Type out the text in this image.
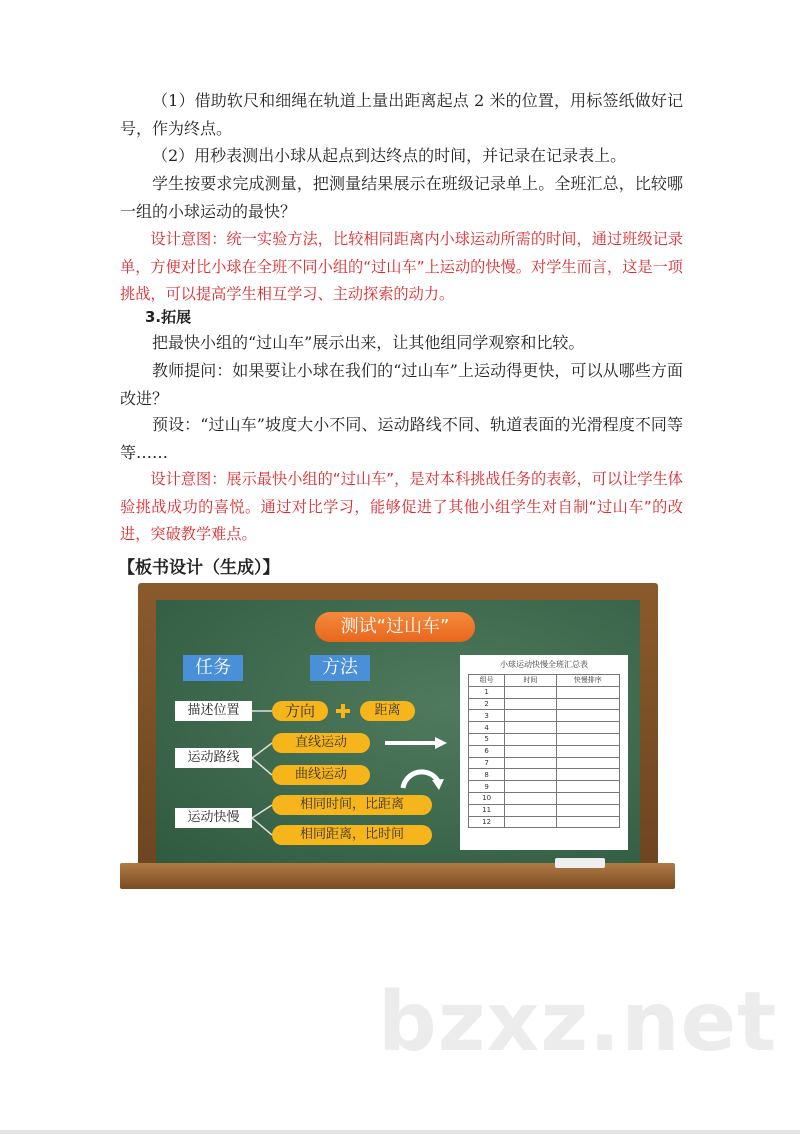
（1）借助软尺和细绳在轨道上量出距离起点 2 米的位置，用标签纸做好记号，作为终点。
（2）用秒表测出小球从起点到达终点的时间，并记录在记录表上。
学生按要求完成测量，把测量结果展示在班级记录单上。全班汇总，比较哪一组的小球运动的最快？
设计意图：统一实验方法，比较相同距离内小球运动所需的时间，通过班级记录单，方便对比小球在全班不同小组的“过山车”上运动的快慢。对学生而言，这是一项挑战，可以提高学生相互学习、主动探索的动力。
3.拓展
把最快小组的“过山车”展示出来，让其他组同学观察和比较。
教师提问：如果要让小球在我们的“过山车”上运动得更快，可以从哪些方面改进？
预设：“过山车”坡度大小不同、运动路线不同、轨道表面的光滑程度不同等等……
设计意图：展示最快小组的“过山车”，是对本科挑战任务的表彰，可以让学生体验挑战成功的喜悦。通过对比学习，能够促进了其他小组学生对自制“过山车”的改进，突破教学难点。
【板书设计（生成）】
测试“过山车”
任务	方法
描述位置
运动路线
运动快慢
方向	距离
直线运动
曲线运动
相同时间，比距离
相同距离，比时间
小球运动快慢全班汇总表
组号	时间	快慢排序
1		
2		
3		
4		
5		
6		
7		
8		
9		
10		
11		
12		
bzxz.net
